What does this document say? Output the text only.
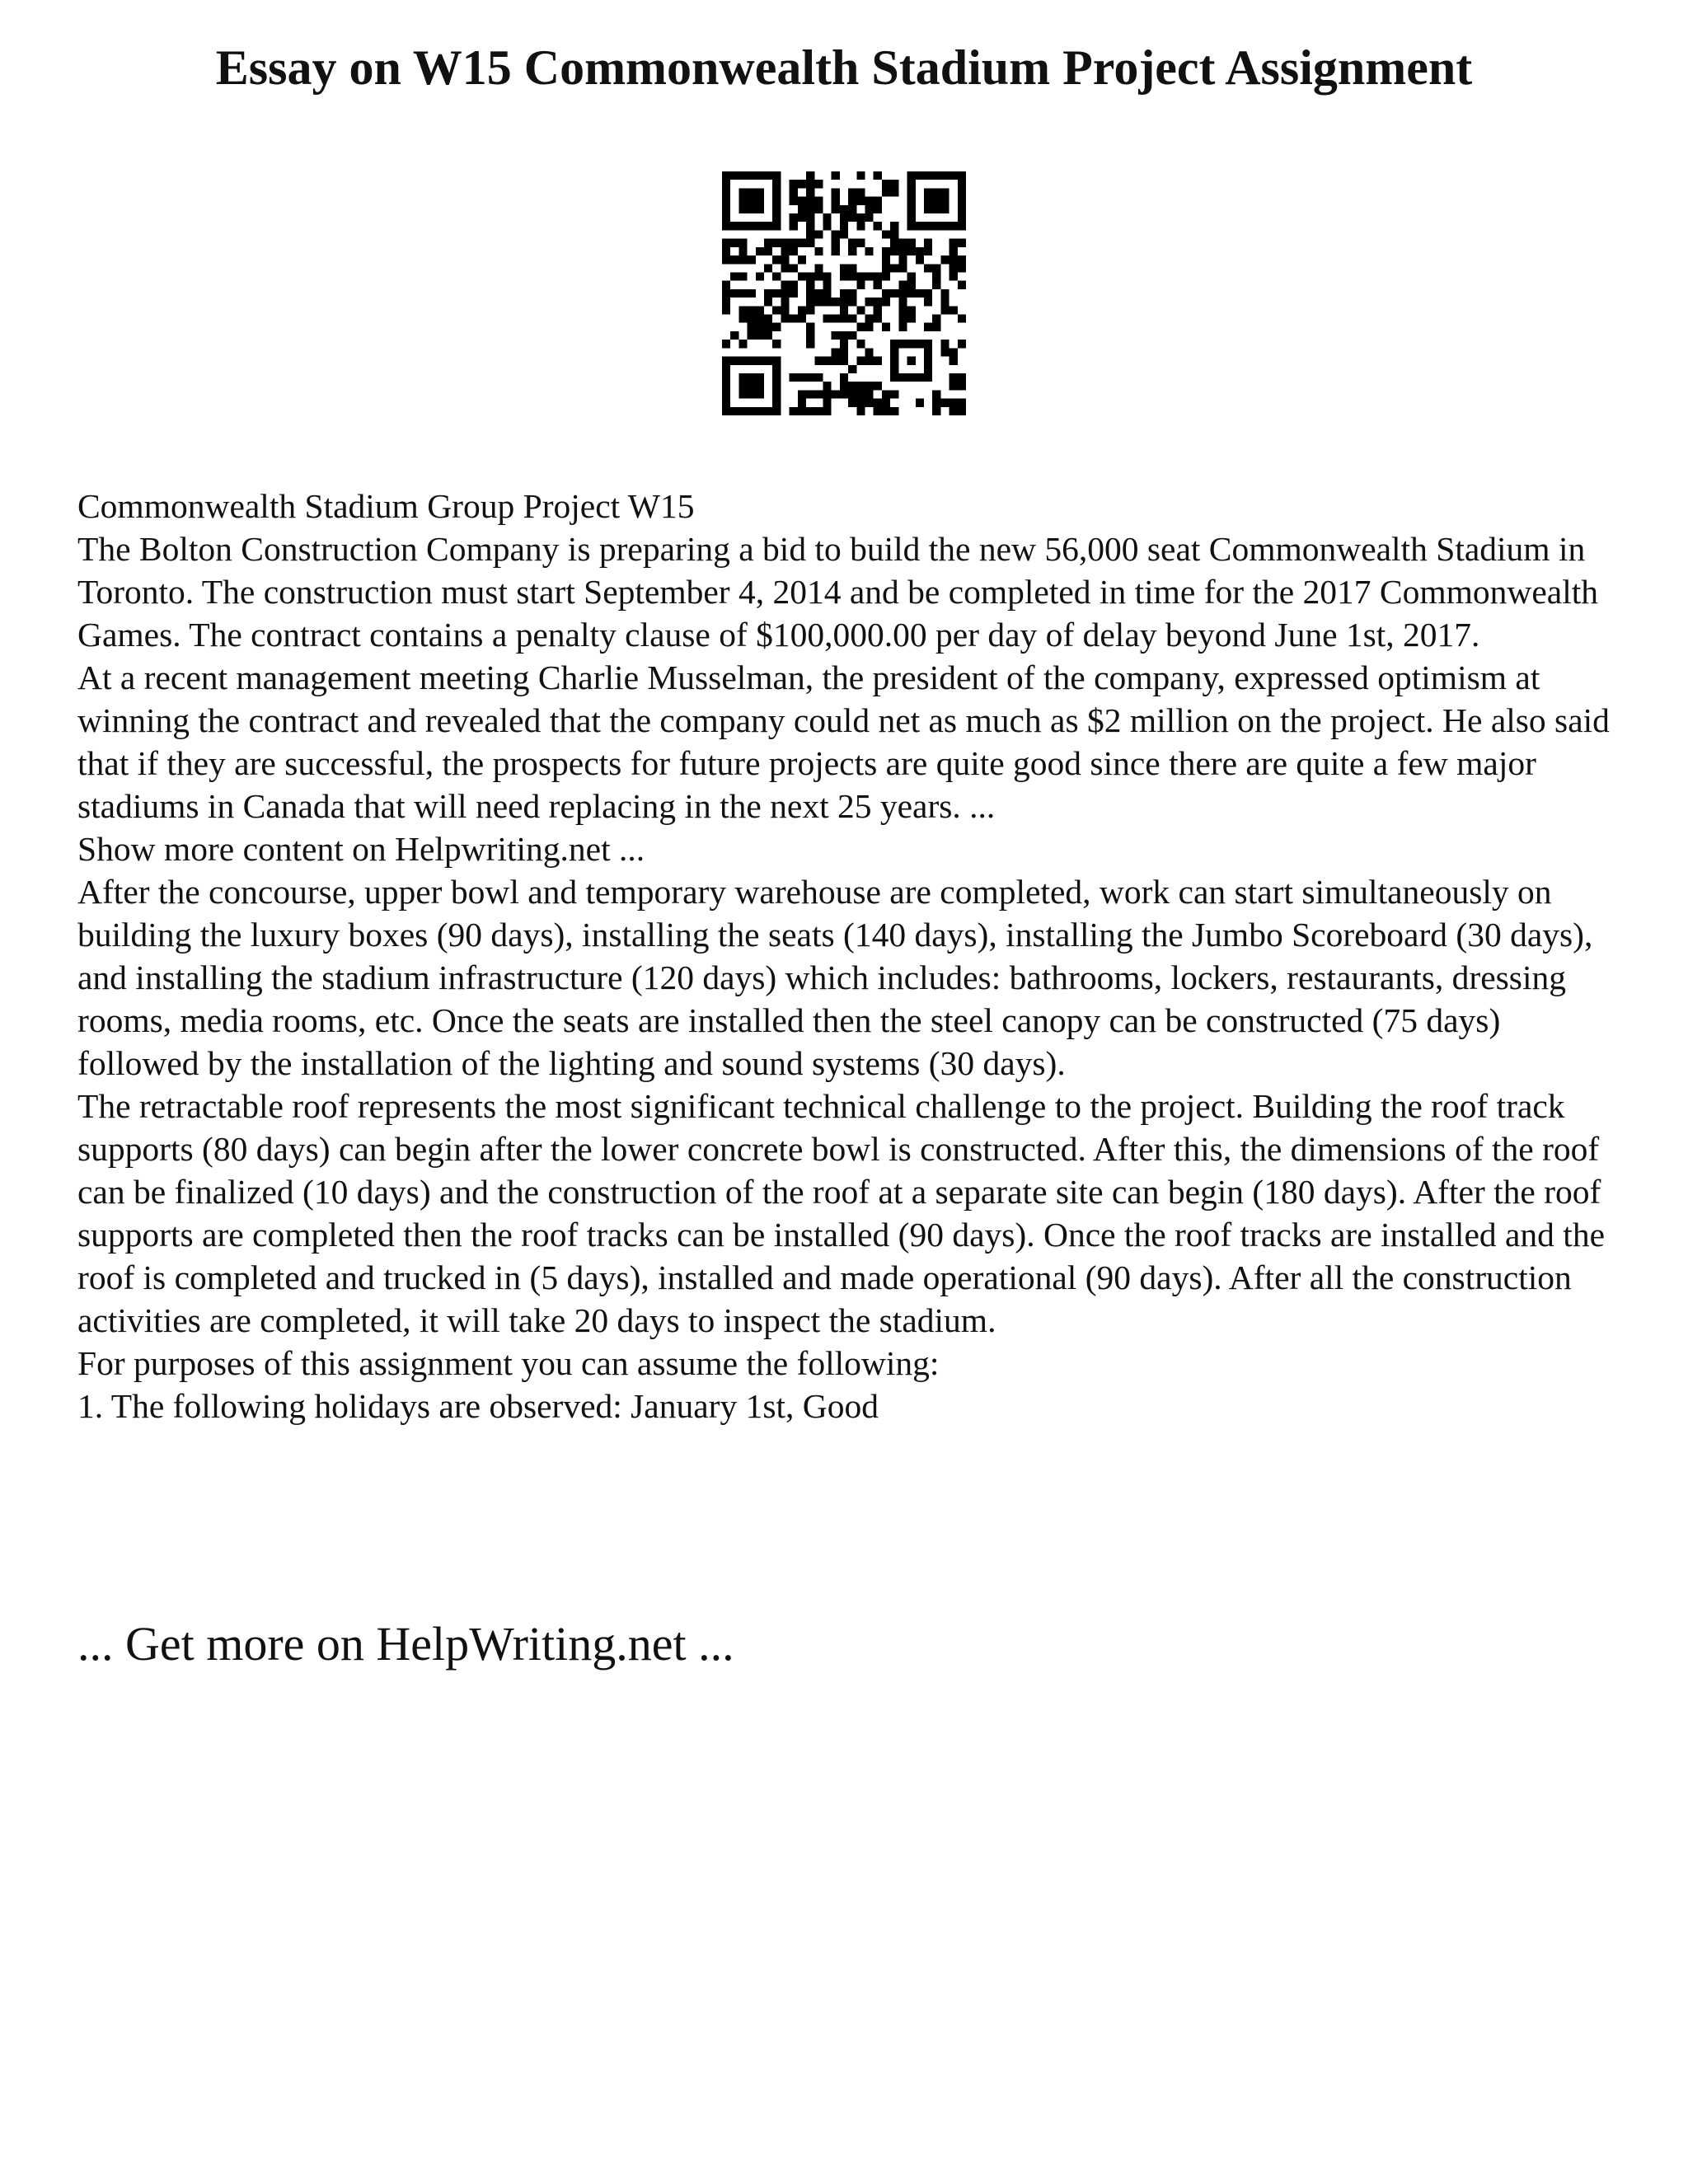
Essay on W15 Commonwealth Stadium Project Assignment

Commonwealth Stadium Group Project W15

The Bolton Construction Company is preparing a bid to build the new 56,000 seat Commonwealth Stadium in Toronto. The construction must start September 4, 2014 and be completed in time for the 2017 Commonwealth Games. The contract contains a penalty clause of $100,000.00 per day of delay beyond June 1st, 2017.

At a recent management meeting Charlie Musselman, the president of the company, expressed optimism at winning the contract and revealed that the company could net as much as $2 million on the project. He also said that if they are successful, the prospects for future projects are quite good since there are quite a few major stadiums in Canada that will need replacing in the next 25 years. ...

Show more content on Helpwriting.net ...

After the concourse, upper bowl and temporary warehouse are completed, work can start simultaneously on building the luxury boxes (90 days), installing the seats (140 days), installing the Jumbo Scoreboard (30 days), and installing the stadium infrastructure (120 days) which includes: bathrooms, lockers, restaurants, dressing rooms, media rooms, etc. Once the seats are installed then the steel canopy can be constructed (75 days) followed by the installation of the lighting and sound systems (30 days).

The retractable roof represents the most significant technical challenge to the project. Building the roof track supports (80 days) can begin after the lower concrete bowl is constructed. After this, the dimensions of the roof can be finalized (10 days) and the construction of the roof at a separate site can begin (180 days). After the roof supports are completed then the roof tracks can be installed (90 days). Once the roof tracks are installed and the roof is completed and trucked in (5 days), installed and made operational (90 days). After all the construction activities are completed, it will take 20 days to inspect the stadium.

For purposes of this assignment you can assume the following:

1. The following holidays are observed: January 1st, Good

... Get more on HelpWriting.net ...
